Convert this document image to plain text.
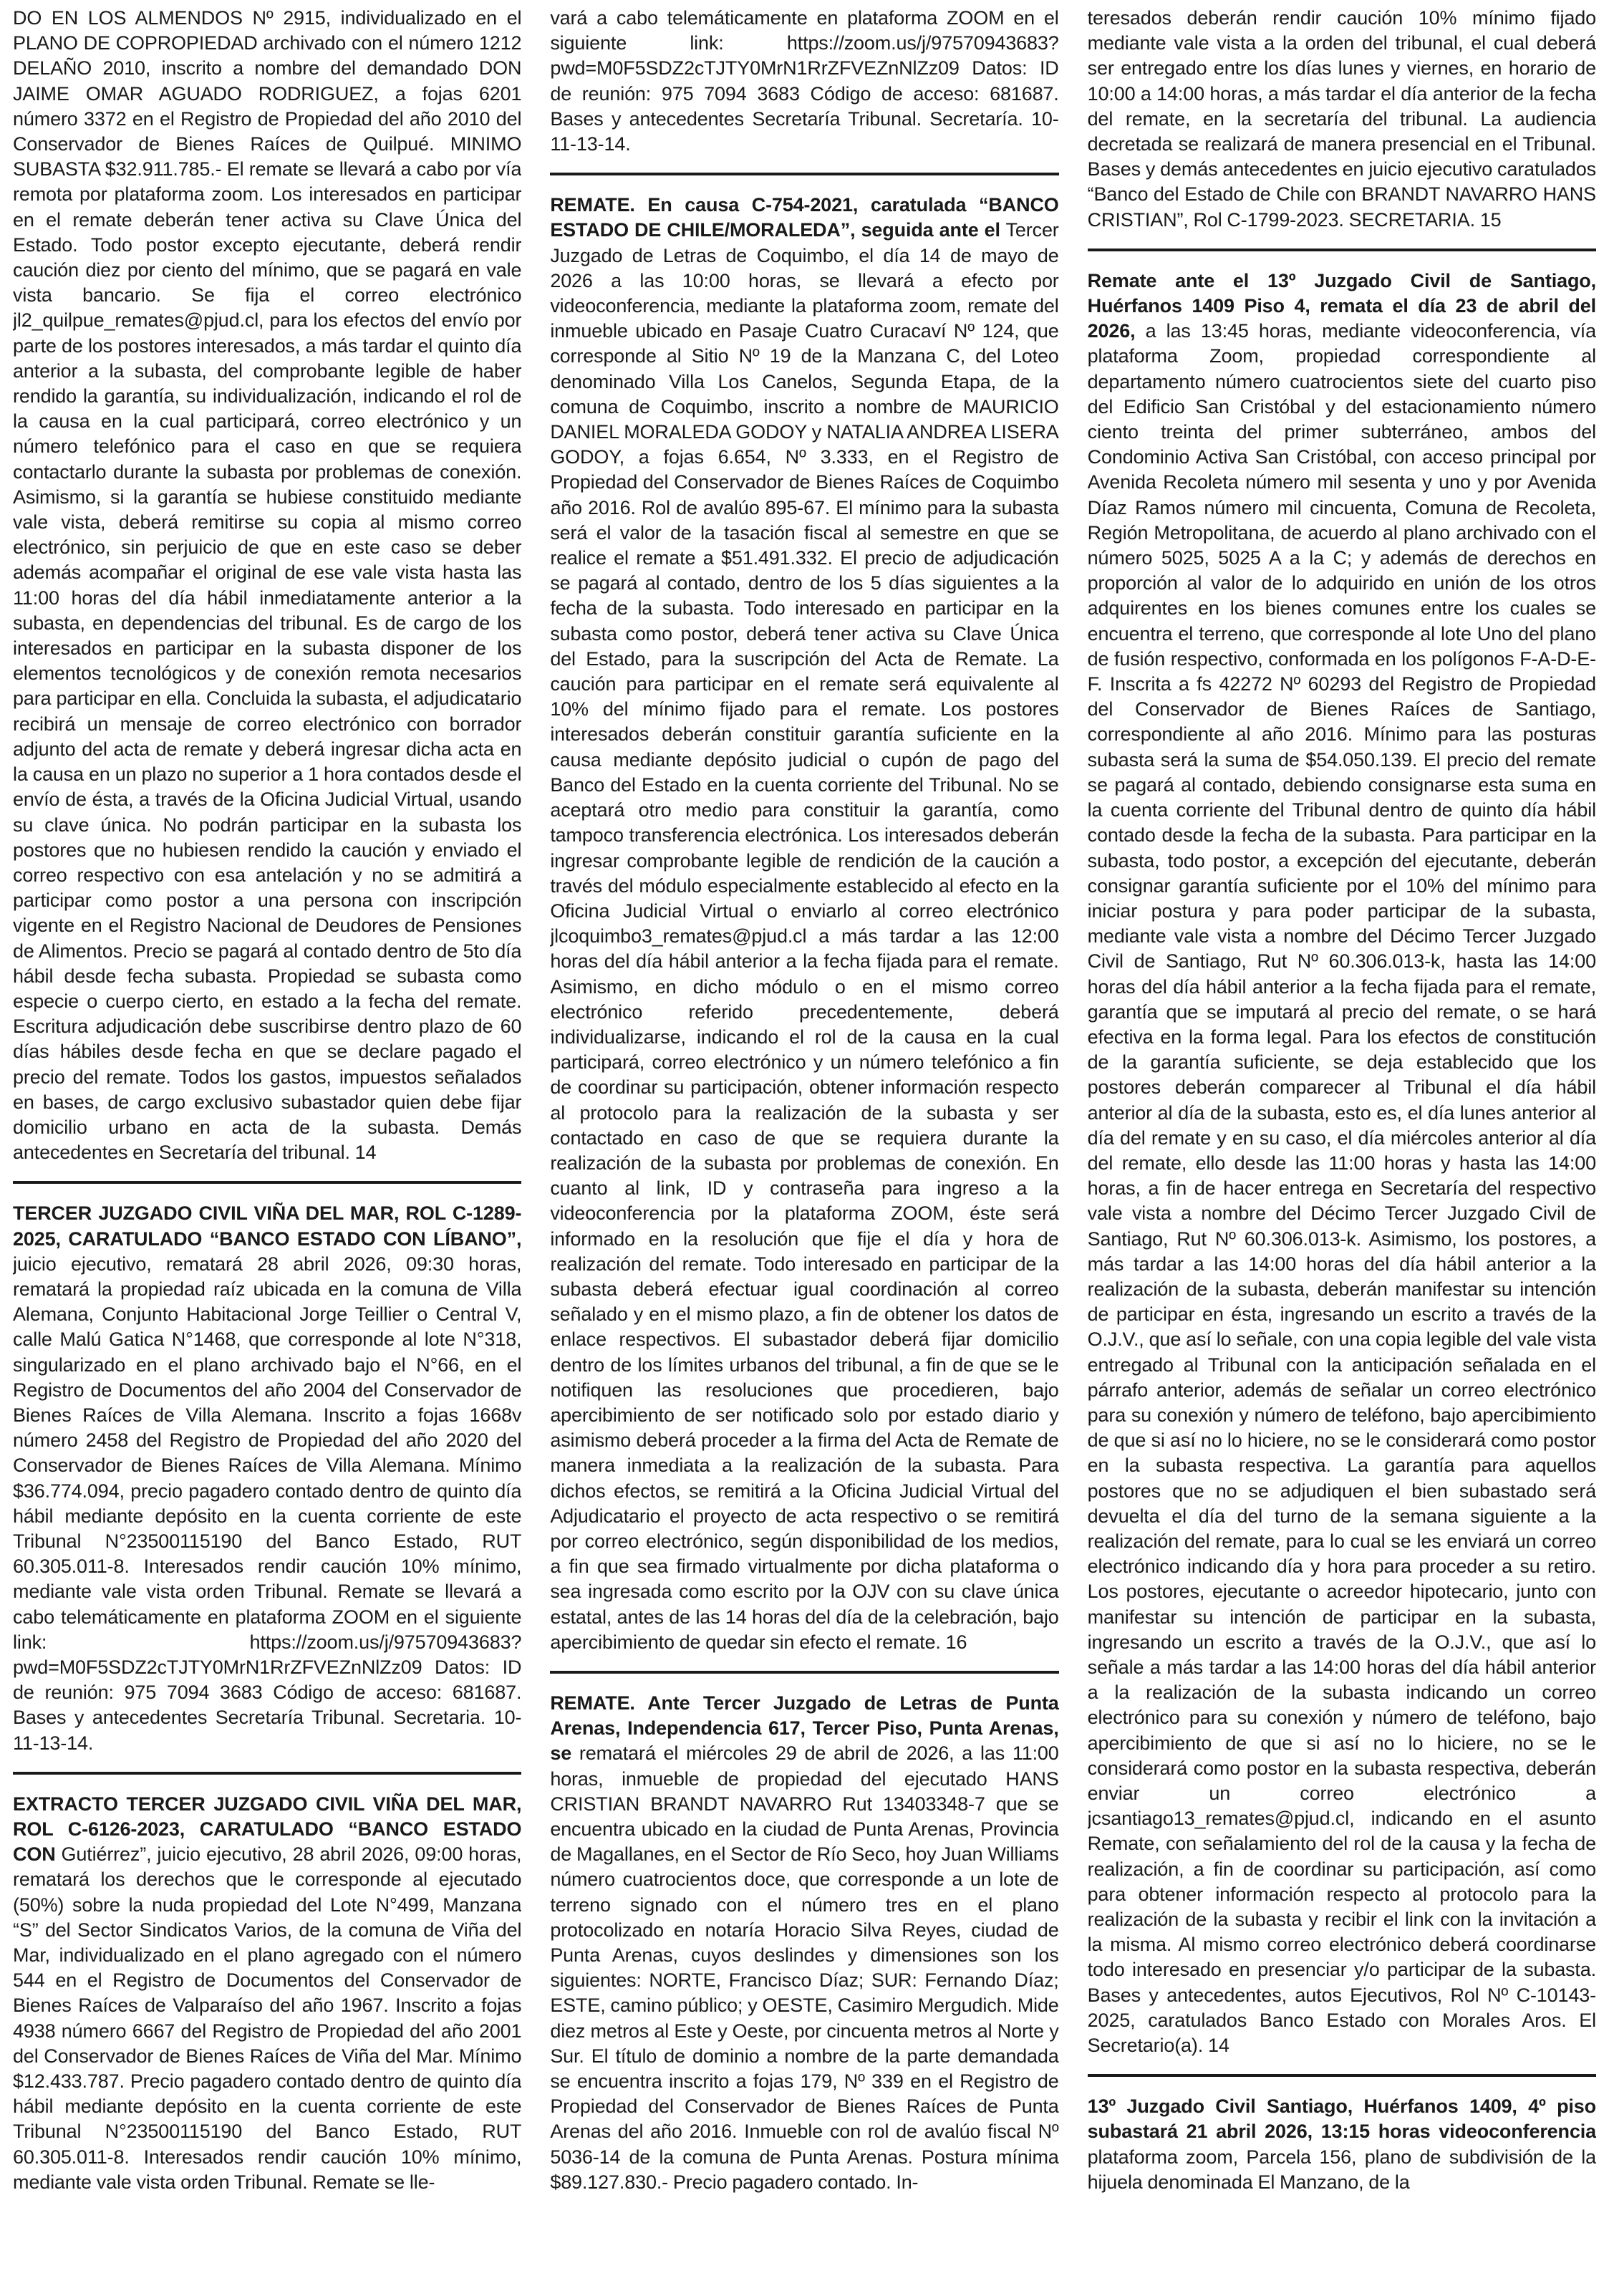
DO EN LOS ALMENDOS Nº 2915, individualizado en el PLANO DE COPROPIEDAD archivado con el número 1212 DELAÑO 2010, inscrito a nombre del demandado DON JAIME OMAR AGUADO RODRIGUEZ, a fojas 6201 número 3372 en el Registro de Propiedad del año 2010 del Conservador de Bienes Raíces de Quilpué. MINIMO SUBASTA $32.911.785.- El remate se llevará a cabo por vía remota por plataforma zoom. Los interesados en participar en el remate deberán tener activa su Clave Única del Estado. Todo postor excepto ejecutante, deberá rendir caución diez por ciento del mínimo, que se pagará en vale vista bancario. Se fija el correo electrónico jl2_quilpue_remates@pjud.cl, para los efectos del envío por parte de los postores interesados, a más tardar el quinto día anterior a la subasta, del comprobante legible de haber rendido la garantía, su individualización, indicando el rol de la causa en la cual participará, correo electrónico y un número telefónico para el caso en que se requiera contactarlo durante la subasta por problemas de conexión. Asimismo, si la garantía se hubiese constituido mediante vale vista, deberá remitirse su copia al mismo correo electrónico, sin perjuicio de que en este caso se deber además acompañar el original de ese vale vista hasta las 11:00 horas del día hábil inmediatamente anterior a la subasta, en dependencias del tribunal. Es de cargo de los interesados en participar en la subasta disponer de los elementos tecnológicos y de conexión remota necesarios para participar en ella. Concluida la subasta, el adjudicatario recibirá un mensaje de correo electrónico con borrador adjunto del acta de remate y deberá ingresar dicha acta en la causa en un plazo no superior a 1 hora contados desde el envío de ésta, a través de la Oficina Judicial Virtual, usando su clave única. No podrán participar en la subasta los postores que no hubiesen rendido la caución y enviado el correo respectivo con esa antelación y no se admitirá a participar como postor a una persona con inscripción vigente en el Registro Nacional de Deudores de Pensiones de Alimentos. Precio se pagará al contado dentro de 5to día hábil desde fecha subasta. Propiedad se subasta como especie o cuerpo cierto, en estado a la fecha del remate. Escritura adjudicación debe suscribirse dentro plazo de 60 días hábiles desde fecha en que se declare pagado el precio del remate. Todos los gastos, impuestos señalados en bases, de cargo exclusivo subastador quien debe fijar domicilio urbano en acta de la subasta. Demás antecedentes en Secretaría del tribunal. 14

TERCER JUZGADO CIVIL VIÑA DEL MAR, ROL C-1289-2025, CARATULADO “BANCO ESTADO CON LÍBANO”, juicio ejecutivo, rematará 28 abril 2026, 09:30 horas, rematará la propiedad raíz ubicada en la comuna de Villa Alemana, Conjunto Habitacional Jorge Teillier o Central V, calle Malú Gatica N°1468, que corresponde al lote N°318, singularizado en el plano archivado bajo el N°66, en el Registro de Documentos del año 2004 del Conservador de Bienes Raíces de Villa Alemana. Inscrito a fojas 1668v número 2458 del Registro de Propiedad del año 2020 del Conservador de Bienes Raíces de Villa Alemana. Mínimo $36.774.094, precio pagadero contado dentro de quinto día hábil mediante depósito en la cuenta corriente de este Tribunal N°23500115190 del Banco Estado, RUT 60.305.011-8. Interesados rendir caución 10% mínimo, mediante vale vista orden Tribunal. Remate se llevará a cabo telemáticamente en plataforma ZOOM en el siguiente link: https://zoom.us/j/97570943683?pwd=M0F5SDZ2cTJTY0MrN1RrZFVEZnNlZz09 Datos: ID de reunión: 975 7094 3683 Código de acceso: 681687. Bases y antecedentes Secretaría Tribunal. Secretaria. 10-11-13-14.

EXTRACTO TERCER JUZGADO CIVIL VIÑA DEL MAR, ROL C-6126-2023, CARATULADO “BANCO ESTADO CON Gutiérrez”, juicio ejecutivo, 28 abril 2026, 09:00 horas, rematará los derechos que le corresponde al ejecutado (50%) sobre la nuda propiedad del Lote N°499, Manzana “S” del Sector Sindicatos Varios, de la comuna de Viña del Mar, individualizado en el plano agregado con el número 544 en el Registro de Documentos del Conservador de Bienes Raíces de Valparaíso del año 1967. Inscrito a fojas 4938 número 6667 del Registro de Propiedad del año 2001 del Conservador de Bienes Raíces de Viña del Mar. Mínimo $12.433.787. Precio pagadero contado dentro de quinto día hábil mediante depósito en la cuenta corriente de este Tribunal N°23500115190 del Banco Estado, RUT 60.305.011-8. Interesados rendir caución 10% mínimo, mediante vale vista orden Tribunal. Remate se lle-

vará a cabo telemáticamente en plataforma ZOOM en el siguiente link: https://zoom.us/j/97570943683?pwd=M0F5SDZ2cTJTY0MrN1RrZFVEZnNlZz09 Datos: ID de reunión: 975 7094 3683 Código de acceso: 681687. Bases y antecedentes Secretaría Tribunal. Secretaría. 10-11-13-14.

REMATE. En causa C-754-2021, caratulada “BANCO ESTADO DE CHILE/MORALEDA”, seguida ante el Tercer Juzgado de Letras de Coquimbo, el día 14 de mayo de 2026 a las 10:00 horas, se llevará a efecto por videoconferencia, mediante la plataforma zoom, remate del inmueble ubicado en Pasaje Cuatro Curacaví Nº 124, que corresponde al Sitio Nº 19 de la Manzana C, del Loteo denominado Villa Los Canelos, Segunda Etapa, de la comuna de Coquimbo, inscrito a nombre de MAURICIO DANIEL MORALEDA GODOY y NATALIA ANDREA LISERA GODOY, a fojas 6.654, Nº 3.333, en el Registro de Propiedad del Conservador de Bienes Raíces de Coquimbo año 2016. Rol de avalúo 895-67. El mínimo para la subasta será el valor de la tasación fiscal al semestre en que se realice el remate a $51.491.332. El precio de adjudicación se pagará al contado, dentro de los 5 días siguientes a la fecha de la subasta. Todo interesado en participar en la subasta como postor, deberá tener activa su Clave Única del Estado, para la suscripción del Acta de Remate. La caución para participar en el remate será equivalente al 10% del mínimo fijado para el remate. Los postores interesados deberán constituir garantía suficiente en la causa mediante depósito judicial o cupón de pago del Banco del Estado en la cuenta corriente del Tribunal. No se aceptará otro medio para constituir la garantía, como tampoco transferencia electrónica. Los interesados deberán ingresar comprobante legible de rendición de la caución a través del módulo especialmente establecido al efecto en la Oficina Judicial Virtual o enviarlo al correo electrónico jlcoquimbo3_remates@pjud.cl a más tardar a las 12:00 horas del día hábil anterior a la fecha fijada para el remate. Asimismo, en dicho módulo o en el mismo correo electrónico referido precedentemente, deberá individualizarse, indicando el rol de la causa en la cual participará, correo electrónico y un número telefónico a fin de coordinar su participación, obtener información respecto al protocolo para la realización de la subasta y ser contactado en caso de que se requiera durante la realización de la subasta por problemas de conexión. En cuanto al link, ID y contraseña para ingreso a la videoconferencia por la plataforma ZOOM, éste será informado en la resolución que fije el día y hora de realización del remate. Todo interesado en participar de la subasta deberá efectuar igual coordinación al correo señalado y en el mismo plazo, a fin de obtener los datos de enlace respectivos. El subastador deberá fijar domicilio dentro de los límites urbanos del tribunal, a fin de que se le notifiquen las resoluciones que procedieren, bajo apercibimiento de ser notificado solo por estado diario y asimismo deberá proceder a la firma del Acta de Remate de manera inmediata a la realización de la subasta. Para dichos efectos, se remitirá a la Oficina Judicial Virtual del Adjudicatario el proyecto de acta respectivo o se remitirá por correo electrónico, según disponibilidad de los medios, a fin que sea firmado virtualmente por dicha plataforma o sea ingresada como escrito por la OJV con su clave única estatal, antes de las 14 horas del día de la celebración, bajo apercibimiento de quedar sin efecto el remate. 16

REMATE. Ante Tercer Juzgado de Letras de Punta Arenas, Independencia 617, Tercer Piso, Punta Arenas, se rematará el miércoles 29 de abril de 2026, a las 11:00 horas, inmueble de propiedad del ejecutado HANS CRISTIAN BRANDT NAVARRO Rut 13403348-7 que se encuentra ubicado en la ciudad de Punta Arenas, Provincia de Magallanes, en el Sector de Río Seco, hoy Juan Williams número cuatrocientos doce, que corresponde a un lote de terreno signado con el número tres en el plano protocolizado en notaría Horacio Silva Reyes, ciudad de Punta Arenas, cuyos deslindes y dimensiones son los siguientes: NORTE, Francisco Díaz; SUR: Fernando Díaz; ESTE, camino público; y OESTE, Casimiro Mergudich. Mide diez metros al Este y Oeste, por cincuenta metros al Norte y Sur. El título de dominio a nombre de la parte demandada se encuentra inscrito a fojas 179, Nº 339 en el Registro de Propiedad del Conservador de Bienes Raíces de Punta Arenas del año 2016. Inmueble con rol de avalúo fiscal Nº 5036-14 de la comuna de Punta Arenas. Postura mínima $89.127.830.- Precio pagadero contado. In-

teresados deberán rendir caución 10% mínimo fijado mediante vale vista a la orden del tribunal, el cual deberá ser entregado entre los días lunes y viernes, en horario de 10:00 a 14:00 horas, a más tardar el día anterior de la fecha del remate, en la secretaría del tribunal. La audiencia decretada se realizará de manera presencial en el Tribunal. Bases y demás antecedentes en juicio ejecutivo caratulados “Banco del Estado de Chile con BRANDT NAVARRO HANS CRISTIAN”, Rol C-1799-2023. SECRETARIA. 15

Remate ante el 13º Juzgado Civil de Santiago, Huérfanos 1409 Piso 4, remata el día 23 de abril del 2026, a las 13:45 horas, mediante videoconferencia, vía plataforma Zoom, propiedad correspondiente al departamento número cuatrocientos siete del cuarto piso del Edificio San Cristóbal y del estacionamiento número ciento treinta del primer subterráneo, ambos del Condominio Activa San Cristóbal, con acceso principal por Avenida Recoleta número mil sesenta y uno y por Avenida Díaz Ramos número mil cincuenta, Comuna de Recoleta, Región Metropolitana, de acuerdo al plano archivado con el número 5025, 5025 A a la C; y además de derechos en proporción al valor de lo adquirido en unión de los otros adquirentes en los bienes comunes entre los cuales se encuentra el terreno, que corresponde al lote Uno del plano de fusión respectivo, conformada en los polígonos F-A-D-E-F. Inscrita a fs 42272 Nº 60293 del Registro de Propiedad del Conservador de Bienes Raíces de Santiago, correspondiente al año 2016. Mínimo para las posturas subasta será la suma de $54.050.139. El precio del remate se pagará al contado, debiendo consignarse esta suma en la cuenta corriente del Tribunal dentro de quinto día hábil contado desde la fecha de la subasta. Para participar en la subasta, todo postor, a excepción del ejecutante, deberán consignar garantía suficiente por el 10% del mínimo para iniciar postura y para poder participar de la subasta, mediante vale vista a nombre del Décimo Tercer Juzgado Civil de Santiago, Rut Nº 60.306.013-k, hasta las 14:00 horas del día hábil anterior a la fecha fijada para el remate, garantía que se imputará al precio del remate, o se hará efectiva en la forma legal. Para los efectos de constitución de la garantía suficiente, se deja establecido que los postores deberán comparecer al Tribunal el día hábil anterior al día de la subasta, esto es, el día lunes anterior al día del remate y en su caso, el día miércoles anterior al día del remate, ello desde las 11:00 horas y hasta las 14:00 horas, a fin de hacer entrega en Secretaría del respectivo vale vista a nombre del Décimo Tercer Juzgado Civil de Santiago, Rut Nº 60.306.013-k. Asimismo, los postores, a más tardar a las 14:00 horas del día hábil anterior a la realización de la subasta, deberán manifestar su intención de participar en ésta, ingresando un escrito a través de la O.J.V., que así lo señale, con una copia legible del vale vista entregado al Tribunal con la anticipación señalada en el párrafo anterior, además de señalar un correo electrónico para su conexión y número de teléfono, bajo apercibimiento de que si así no lo hiciere, no se le considerará como postor en la subasta respectiva. La garantía para aquellos postores que no se adjudiquen el bien subastado será devuelta el día del turno de la semana siguiente a la realización del remate, para lo cual se les enviará un correo electrónico indicando día y hora para proceder a su retiro. Los postores, ejecutante o acreedor hipotecario, junto con manifestar su intención de participar en la subasta, ingresando un escrito a través de la O.J.V., que así lo señale a más tardar a las 14:00 horas del día hábil anterior a la realización de la subasta indicando un correo electrónico para su conexión y número de teléfono, bajo apercibimiento de que si así no lo hiciere, no se le considerará como postor en la subasta respectiva, deberán enviar un correo electrónico a jcsantiago13_remates@pjud.cl, indicando en el asunto Remate, con señalamiento del rol de la causa y la fecha de realización, a fin de coordinar su participación, así como para obtener información respecto al protocolo para la realización de la subasta y recibir el link con la invitación a la misma. Al mismo correo electrónico deberá coordinarse todo interesado en presenciar y/o participar de la subasta. Bases y antecedentes, autos Ejecutivos, Rol Nº C-10143-2025, caratulados Banco Estado con Morales Aros. El Secretario(a). 14

13º Juzgado Civil Santiago, Huérfanos 1409, 4º piso subastará 21 abril 2026, 13:15 horas videoconferencia plataforma zoom, Parcela 156, plano de subdivisión de la hijuela denominada El Manzano, de la
